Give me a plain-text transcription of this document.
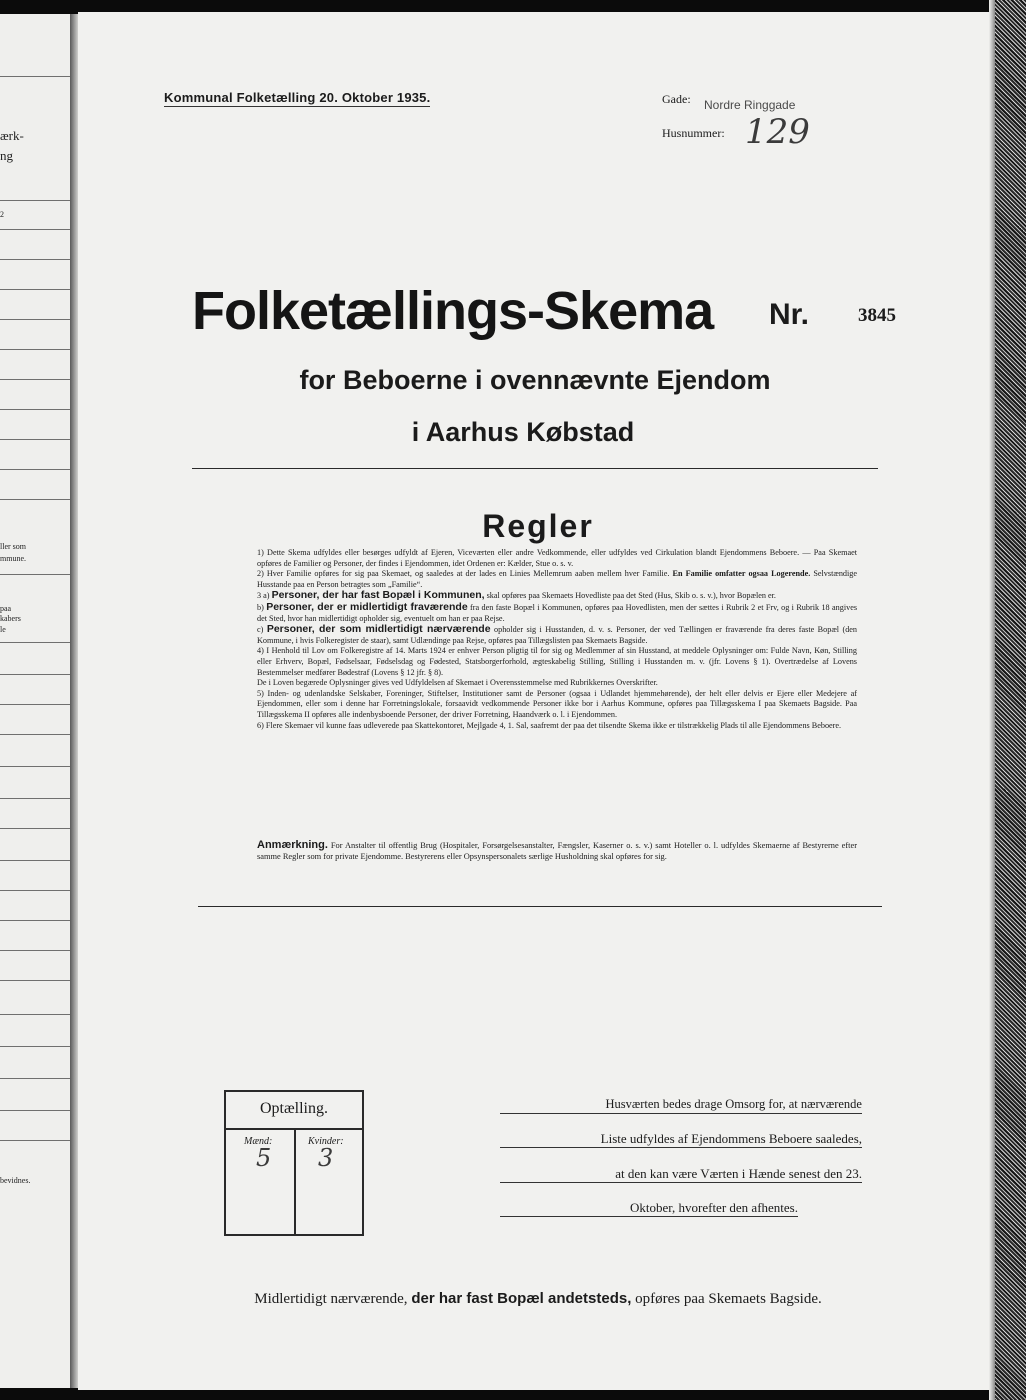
ærk-
ng
2
ller som
mmune.
paa
kabers
le
bevidnes.
Kommunal Folketælling 20. Oktober 1935.	Gade: Nordre Ringgade
Husnummer: 129
Folketællings-Skema Nr.	3845
for Beboerne i ovennævnte Ejendom
i Aarhus Købstad
Regler

1) Dette Skema udfyldes eller besørges udfyldt af Ejeren, Viceværten eller andre Vedkommende, eller udfyldes ved Cirkulation blandt Ejendommens Beboere. — Paa Skemaet opføres de Familier og Personer, der findes i Ejendommen, idet Ordenen er: Kælder, Stue o. s. v.

2) Hver Familie opføres for sig paa Skemaet, og saaledes at der lades en Linies Mellemrum aaben mellem hver Familie. En Familie omfatter ogsaa Logerende. Selvstændige Husstande paa en Person betragtes som „Familie“.

3 a) Personer, der har fast Bopæl i Kommunen, skal opføres paa Skemaets Hovedliste paa det Sted (Hus, Skib o. s. v.), hvor Bopælen er.

b) Personer, der er midlertidigt fraværende fra den faste Bopæl i Kommunen, opføres paa Hovedlisten, men der sættes i Rubrik 2 et Frv, og i Rubrik 18 angives det Sted, hvor han midlertidigt opholder sig, eventuelt om han er paa Rejse.

c) Personer, der som midlertidigt nærværende opholder sig i Husstanden, d. v. s. Personer, der ved Tællingen er fraværende fra deres faste Bopæl (den Kommune, i hvis Folkeregister de staar), samt Udlændinge paa Rejse, opføres paa Tillægslisten paa Skemaets Bagside.

4) I Henhold til Lov om Folkeregistre af 14. Marts 1924 er enhver Person pligtig til for sig og Medlemmer af sin Husstand, at meddele Oplysninger om: Fulde Navn, Køn, Stilling eller Erhverv, Bopæl, Fødselsaar, Fødselsdag og Fødested, Statsborgerforhold, ægteskabelig Stilling, Stilling i Husstanden m. v. (jfr. Lovens § 1). Overtrædelse af Lovens Bestemmelser medfører Bødestraf (Lovens § 12 jfr. § 8).

De i Loven begærede Oplysninger gives ved Udfyldelsen af Skemaet i Overensstemmelse med Rubrikkernes Overskrifter.

5) Inden- og udenlandske Selskaber, Foreninger, Stiftelser, Institutioner samt de Personer (ogsaa i Udlandet hjemmehørende), der helt eller delvis er Ejere eller Medejere af Ejendommen, eller som i denne har Forretningslokale, forsaavidt vedkommende Personer ikke bor i Aarhus Kommune, opføres paa Tillægsskema I paa Skemaets Bagside. Paa Tillægsskema II opføres alle indenbysboende Personer, der driver Forretning, Haandværk o. l. i Ejendommen.

6) Flere Skemaer vil kunne faas udleverede paa Skattekontoret, Mejlgade 4, 1. Sal, saafremt der paa det tilsendte Skema ikke er tilstrækkelig Plads til alle Ejendommens Beboere.

Anmærkning. For Anstalter til offentlig Brug (Hospitaler, Forsørgelsesanstalter, Fængsler, Kaserner o. s. v.) samt Hoteller o. l. udfyldes Skemaerne af Bestyrerne efter samme Regler som for private Ejendomme. Bestyrerens eller Opsynspersonalets særlige Husholdning skal opføres for sig.
Optælling.
Mænd:
5
Kvinder:
3
Husværten bedes drage Omsorg for, at nærværende
Liste udfyldes af Ejendommens Beboere saaledes,
at den kan være Værten i Hænde senest den 23.
Oktober, hvorefter den afhentes.
Midlertidigt nærværende, der har fast Bopæl andetsteds, opføres paa Skemaets Bagside.
